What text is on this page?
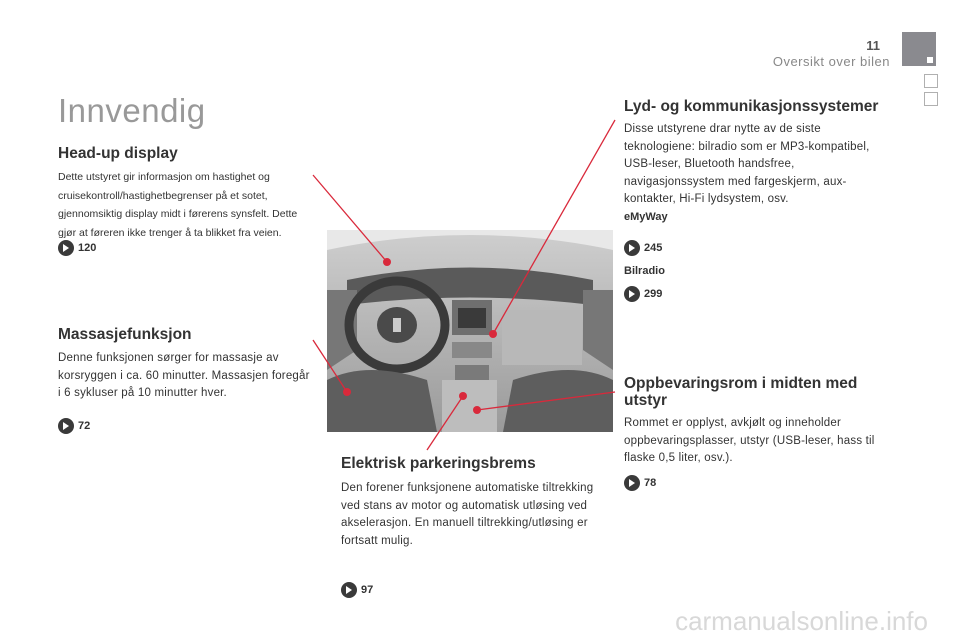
11
Oversikt over bilen
Innvendig
Head-up display
Dette utstyret gir informasjon om hastighet og cruisekontroll/hastighetbegrenser på et sotet, gjennomsiktig display midt i førerens synsfelt. Dette gjør at føreren ikke trenger å ta blikket fra veien.
120
Massasjefunksjon
Denne funksjonen sørger for massasje av korsryggen i ca. 60 minutter. Massasjen foregår i 6 sykluser på 10 minutter hver.
72
Elektrisk parkeringsbrems
Den forener funksjonene automatiske tiltrekking ved stans av motor og automatisk utløsing ved akselerasjon. En manuell tiltrekking/utløsing er fortsatt mulig.
97
Lyd- og kommunikasjonssystemer
Disse utstyrene drar nytte av de siste teknologiene: bilradio som er MP3-kompatibel, USB-leser, Bluetooth handsfree, navigasjonssystem med fargeskjerm, aux-kontakter, Hi-Fi lydsystem, osv.
eMyWay
245
Bilradio
299
Oppbevaringsrom i midten med utstyr
Rommet er opplyst, avkjølt og inneholder oppbevaringsplasser, utstyr (USB-leser, hass til flaske 0,5 liter, osv.).
78
carmanualsonline.info
